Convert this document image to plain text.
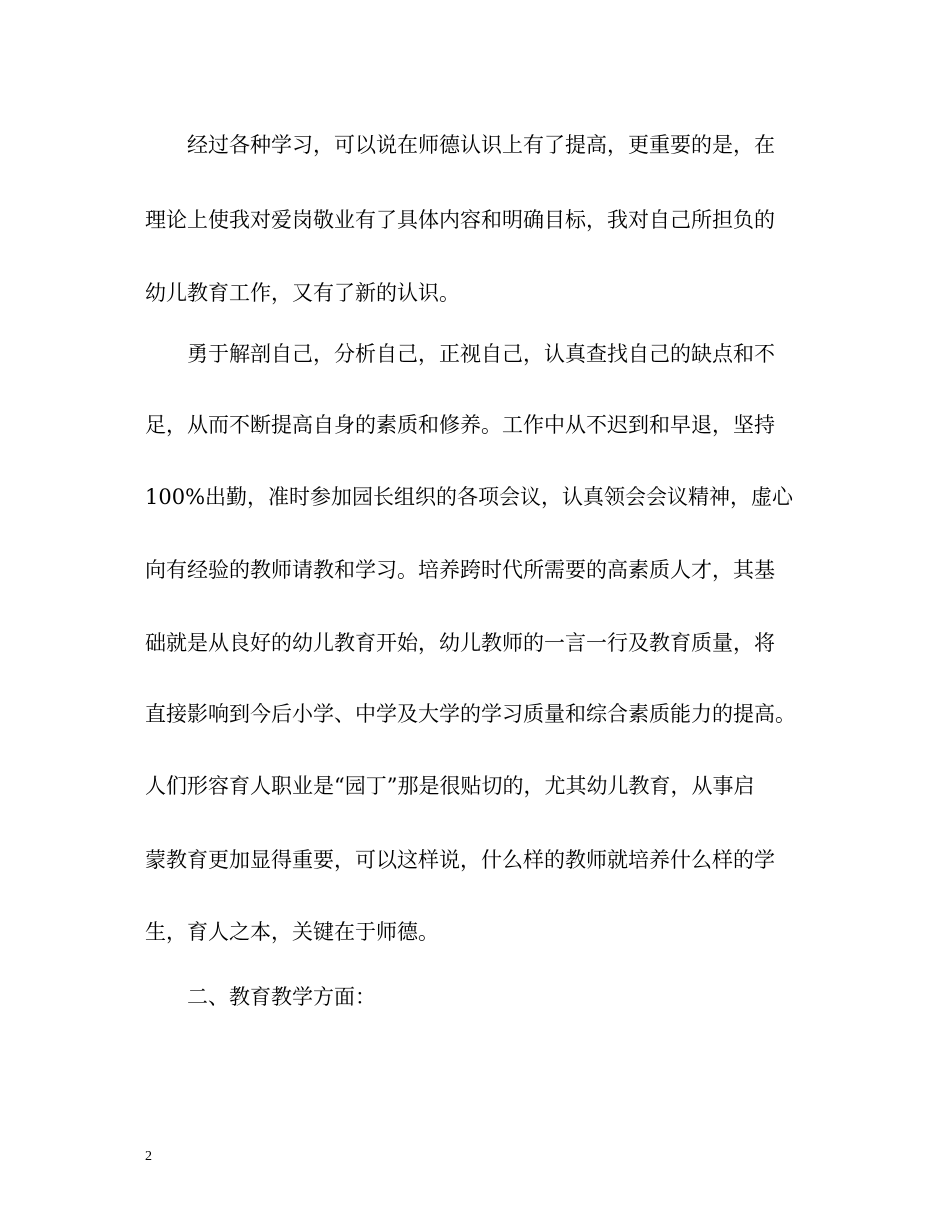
经过各种学习，可以说在师德认识上有了提高，更重要的是，在

理论上使我对爱岗敬业有了具体内容和明确目标，我对自己所担负的

幼儿教育工作，又有了新的认识。

勇于解剖自己，分析自己，正视自己，认真查找自己的缺点和不

足，从而不断提高自身的素质和修养。工作中从不迟到和早退，坚持

100%出勤，准时参加园长组织的各项会议，认真领会会议精神，虚心

向有经验的教师请教和学习。培养跨时代所需要的高素质人才，其基

础就是从良好的幼儿教育开始，幼儿教师的一言一行及教育质量，将

直接影响到今后小学、中学及大学的学习质量和综合素质能力的提高。

人们形容育人职业是“园丁”那是很贴切的，尤其幼儿教育，从事启

蒙教育更加显得重要，可以这样说，什么样的教师就培养什么样的学

生，育人之本，关键在于师德。

二、教育教学方面：

2
